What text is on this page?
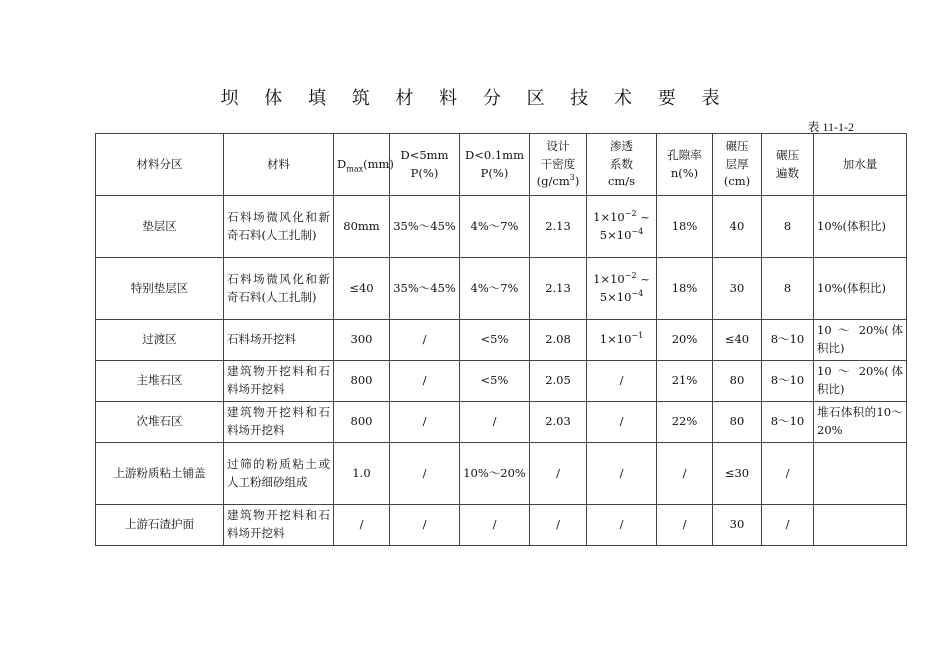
坝 体 填 筑 材 料 分 区 技 术 要 表
表 11-1-2
材料分区	材料	$D_{max}(mm)$	D<5mm
P(%)	D<0.1mm
P(%)	设计
干密度
$(g/cm^3)$	渗透
系数
cm/s	孔隙率
n(%)	碾压
层厚
(cm)	碾压
遍数	加水量
垫层区	石料场微风化和新奇石料(人工扎制)	80mm	35%～45%	4%～7%	2.13	$1\times 10^{-2}$ ~
$5\times 10^{-4}$	18%	40	8	10%(体积比)
特别垫层区	石料场微风化和新奇石料(人工扎制)	≤40	35%～45%	4%～7%	2.13	$1\times 10^{-2}$ ~
$5\times 10^{-4}$	18%	30	8	10%(体积比)
过渡区	石料场开挖料	300	/	<5%	2.08	$1\times 10^{-1}$	20%	≤40	8～10	10 ～ 20%(体积比)
主堆石区	建筑物开挖料和石料场开挖料	800	/	<5%	2.05	/	21%	80	8～10	10 ～ 20%(体积比)
次堆石区	建筑物开挖料和石料场开挖料	800	/	/	2.03	/	22%	80	8～10	堆石体积的10～20%
上游粉质粘土铺盖	过筛的粉质粘土或人工粉细砂组成	1.0	/	10%～20%	/	/	/	≤30	/	
上游石渣护面	建筑物开挖料和石料场开挖料	/	/	/	/	/	/	30	/	
